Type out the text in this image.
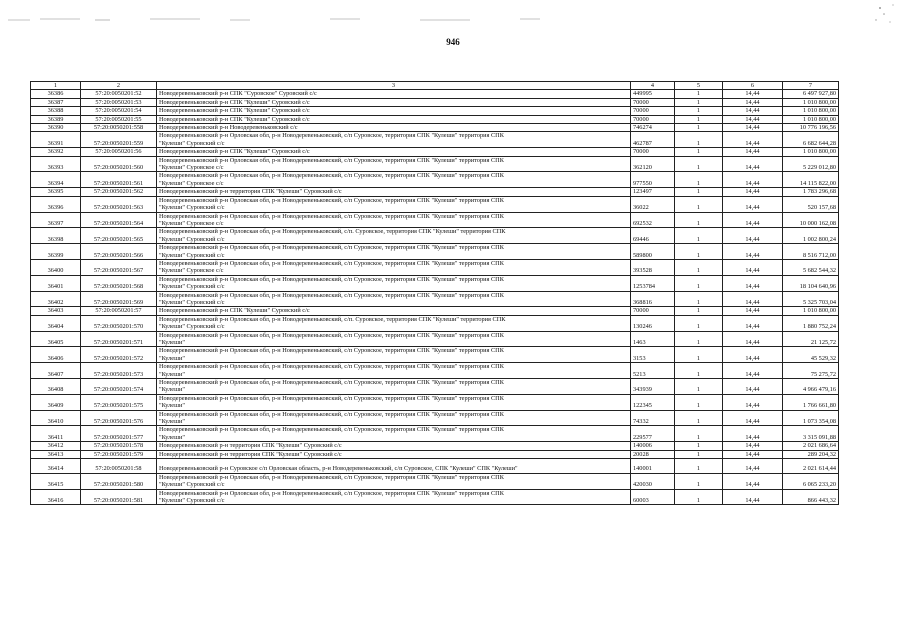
946
1	2	3	4	5	6	7
36386	57:20:0050201:52	Новодеревеньковский р-н СПК "Суровское" Суровский с/с	449995	1	14,44	6 497 927,80
36387	57:20:0050201:53	Новодеревеньковский р-н СПК "Кулеши" Суровский с/с	70000	1	14,44	1 010 800,00
36388	57:20:0050201:54	Новодеревеньковский р-н СПК "Кулеши" Суровский с/с	70000	1	14,44	1 010 800,00
36389	57:20:0050201:55	Новодеревеньковский р-н СПК "Кулеши" Суровский с/с	70000	1	14,44	1 010 800,00
36390	57:20:0050201:558	Новодеревеньковский р-н Новодеревеньковский с/с	746274	1	14,44	10 776 196,56
36391	57:20:0050201:559	Новодеревеньковский р-н Орловская обл, р-н Новодеревеньковский, с/п Суровское, территория СПК "Кулеши" территория СПК
"Кулеши" Суровский с/с	462787	1	14,44	6 682 644,28
36392	57:20:0050201:56	Новодеревеньковский р-н СПК "Кулеши" Суровский с/с	70000	1	14,44	1 010 800,00
36393	57:20:0050201:560	Новодеревеньковский р-н Орловская обл, р-н Новодеревеньковский, с/п Суровское, территория СПК "Кулеши" территория СПК
"Кулеши" Суровское с/с	362120	1	14,44	5 229 012,80
36394	57:20:0050201:561	Новодеревеньковский р-н Орловская обл, р-н Новодеревеньковский, с/п Суровское, территория СПК "Кулеши" территория СПК
"Кулеши" Суровское с/с	977550	1	14,44	14 115 822,00
36395	57:20:0050201:562	Новодеревеньковский р-н территория СПК "Кулеши" Суровский с/с	123497	1	14,44	1 783 296,68
36396	57:20:0050201:563	Новодеревеньковский р-н Орловская обл, р-н Новодеревеньковский, с/п Суровское, территория СПК "Кулеши" территория СПК
"Кулеши" Суровский с/с	36022	1	14,44	520 157,68
36397	57:20:0050201:564	Новодеревеньковский р-н Орловская обл, р-н Новодеревеньковский, с/п Суровское, территория СПК "Кулеши" территория СПК
"Кулеши" Суровское с/с	692532	1	14,44	10 000 162,08
36398	57:20:0050201:565	Новодеревеньковский р-н Орловская обл, р-н Новодеревеньковский, с/п. Суровское, территория СПК "Кулеши" территория СПК
"Кулеши" Суровский с/с	69446	1	14,44	1 002 800,24
36399	57:20:0050201:566	Новодеревеньковский р-н Орловская обл, р-н Новодеревеньковский, с/п Суровское, территория СПК "Кулеши" территория СПК
"Кулеши" Суровский с/с	589800	1	14,44	8 516 712,00
36400	57:20:0050201:567	Новодеревеньковский р-н Орловская обл, р-н Новодеревеньковский, с/п Суровское, территория СПК "Кулеши" территория СПК
"Кулеши" Суровское с/с	393528	1	14,44	5 682 544,32
36401	57:20:0050201:568	Новодеревеньковский р-н Орловская обл, р-н Новодеревеньковский, с/п Суровское, территория СПК "Кулеши" территория СПК
"Кулеши" Суровский с/с	1253784	1	14,44	18 104 640,96
36402	57:20:0050201:569	Новодеревеньковский р-н Орловская обл, р-н Новодеревеньковский, с/п Суровское, территория СПК "Кулеши" территория СПК
"Кулеши" Суровский с/с	368816	1	14,44	5 325 703,04
36403	57:20:0050201:57	Новодеревеньковский р-н СПК "Кулеши" Суровский с/с	70000	1	14,44	1 010 800,00
36404	57:20:0050201:570	Новодеревеньковский р-н Орловская обл, р-н Новодеревеньковский, с/п. Суровское, территория СПК "Кулеши" территория СПК
"Кулеши" Суровский с/с	130246	1	14,44	1 880 752,24
36405	57:20:0050201:571	Новодеревеньковский р-н Орловская обл, р-н Новодеревеньковский, с/п Суровское, территория СПК "Кулеши" территория СПК
"Кулеши"	1463	1	14,44	21 125,72
36406	57:20:0050201:572	Новодеревеньковский р-н Орловская обл, р-н Новодеревеньковский, с/п Суровское, территория СПК "Кулеши" территория СПК
"Кулеши"	3153	1	14,44	45 529,32
36407	57:20:0050201:573	Новодеревеньковский р-н Орловская обл, р-н Новодеревеньковский, с/п Суровское, территория СПК "Кулеши" территория СПК
"Кулеши"	5213	1	14,44	75 275,72
36408	57:20:0050201:574	Новодеревеньковский р-н Орловская обл, р-н Новодеревеньковский, с/п Суровское, территория СПК "Кулеши" территория СПК
"Кулеши"	343939	1	14,44	4 966 479,16
36409	57:20:0050201:575	Новодеревеньковский р-н Орловская обл, р-н Новодеревеньковский, с/п Суровское, территория СПК "Кулеши" территория СПК
"Кулеши"	122345	1	14,44	1 766 661,80
36410	57:20:0050201:576	Новодеревеньковский р-н Орловская обл, р-н Новодеревеньковский, с/п Суровское, территория СПК "Кулеши" территория СПК
"Кулеши"	74332	1	14,44	1 073 354,08
36411	57:20:0050201:577	Новодеревеньковский р-н Орловская обл, р-н Новодеревеньковский, с/п Суровское, территория СПК "Кулеши" территория СПК
"Кулеши"	229577	1	14,44	3 315 091,88
36412	57:20:0050201:578	Новодеревеньковский р-н территория СПК "Кулеши" Суровский с/с	140006	1	14,44	2 021 686,64
36413	57:20:0050201:579	Новодеревеньковский р-н территория СПК "Кулеши" Суровский с/с	20028	1	14,44	289 204,32
36414	57:20:0050201:58	Новодеревеньковский р-н Суровское с/п Орловская область, р-н Новодеревеньковский, с/п Суровское, СПК "Кулеши" СПК "Кулеши"	140001	1	14,44	2 021 614,44
36415	57:20:0050201:580	Новодеревеньковский р-н Орловская обл, р-н Новодеревеньковский, с/п Суровское, территория СПК "Кулеши" территория СПК
"Кулеши" Суровский с/с	420030	1	14,44	6 065 233,20
36416	57:20:0050201:581	Новодеревеньковский р-н Орловская обл, р-н Новодеревеньковский, с/п Суровское, территория СПК "Кулеши" территория СПК
"Кулеши" Суровский с/с	60003	1	14,44	866 443,32
